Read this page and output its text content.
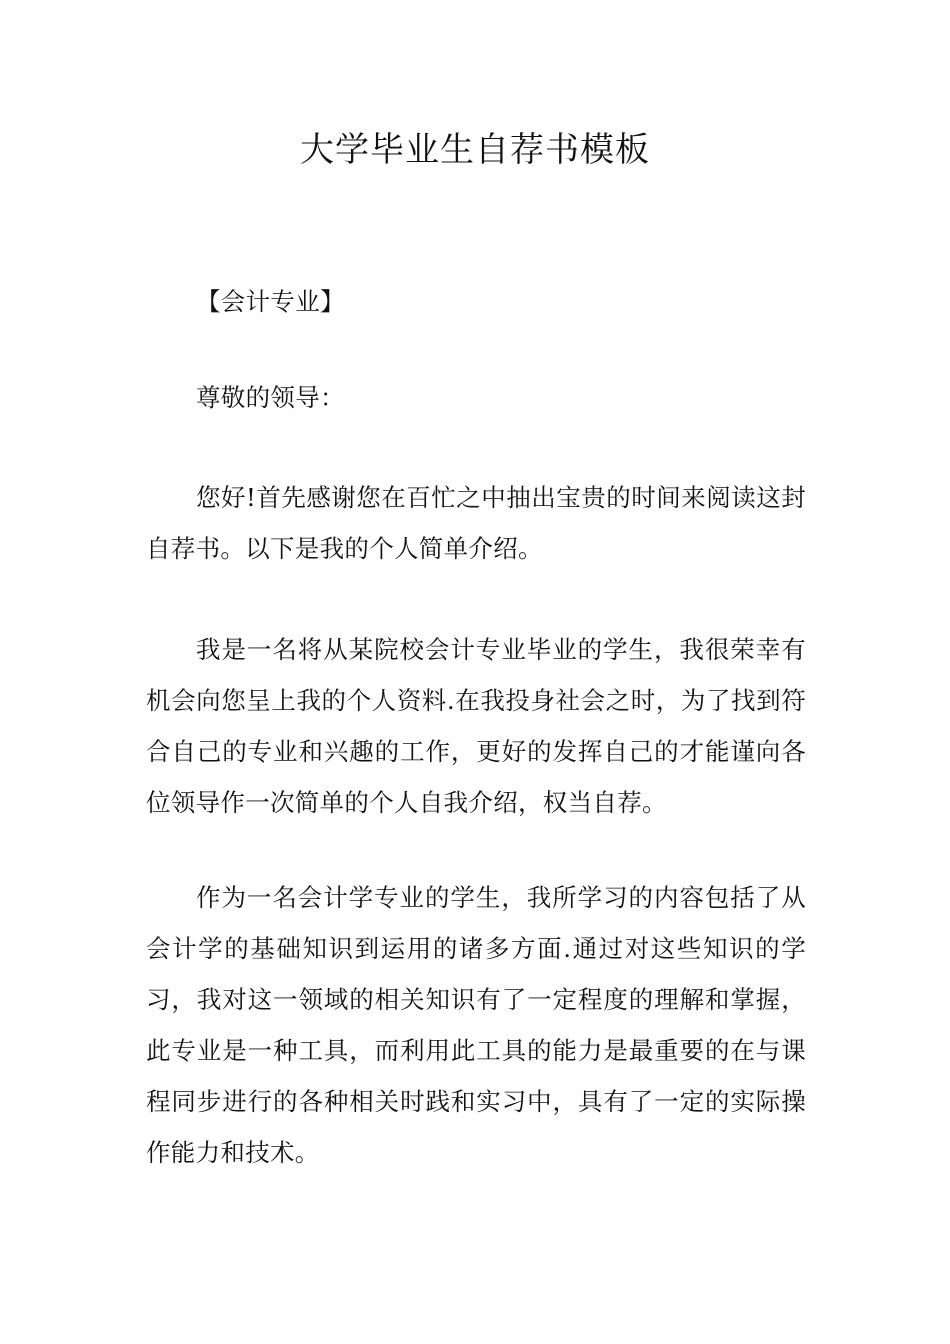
大学毕业生自荐书模板

【会计专业】

尊敬的领导：

您好!首先感谢您在百忙之中抽出宝贵的时间来阅读这封自荐书。以下是我的个人简单介绍。

我是一名将从某院校会计专业毕业的学生，我很荣幸有机会向您呈上我的个人资料.在我投身社会之时，为了找到符合自己的专业和兴趣的工作，更好的发挥自己的才能谨向各位领导作一次简单的个人自我介绍，权当自荐。

作为一名会计学专业的学生，我所学习的内容包括了从会计学的基础知识到运用的诸多方面.通过对这些知识的学习，我对这一领域的相关知识有了一定程度的理解和掌握，此专业是一种工具，而利用此工具的能力是最重要的在与课程同步进行的各种相关时践和实习中，具有了一定的实际操作能力和技术。
